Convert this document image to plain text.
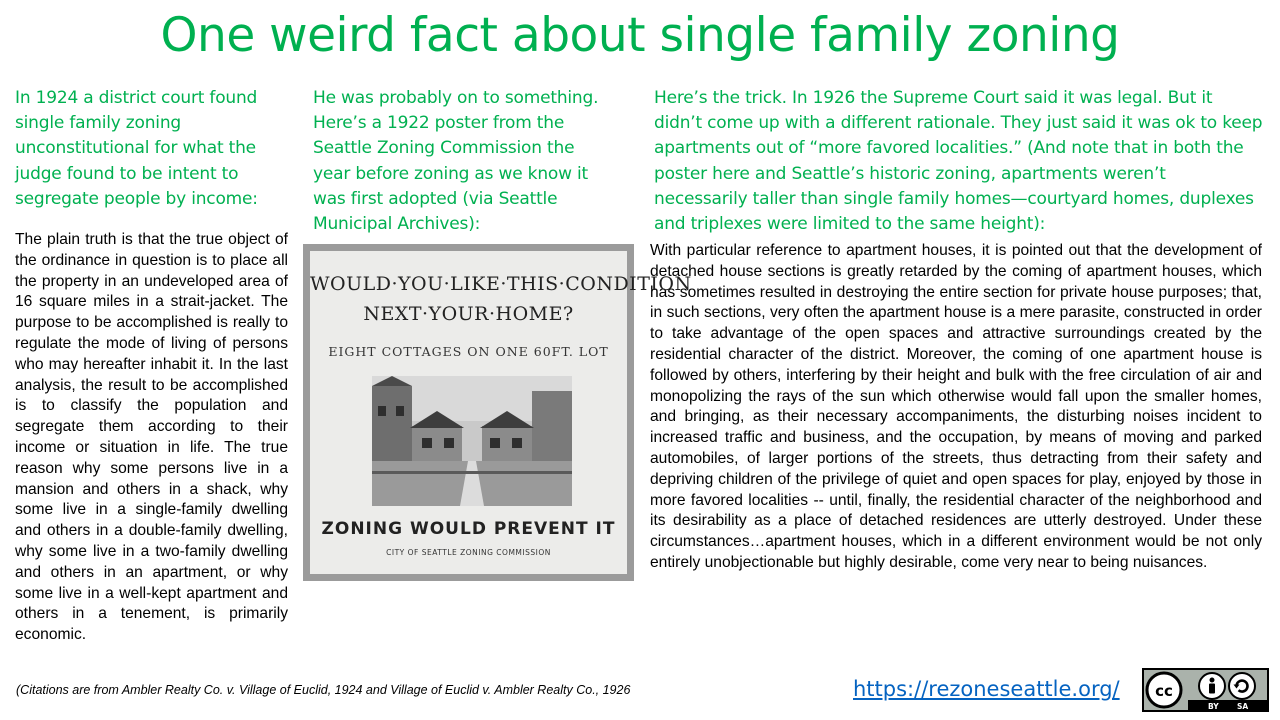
One weird fact about single family zoning
In 1924 a district court found single family zoning unconstitutional for what the judge found to be intent to segregate people by income:
He was probably on to something. Here’s a 1922 poster from the Seattle Zoning Commission the year before zoning as we know it was first adopted (via Seattle Municipal Archives):
Here’s the trick. In 1926 the Supreme Court said it was legal. But it didn’t come up with a different rationale. They just said it was ok to keep apartments out of “more favored localities.” (And note that in both the poster here and Seattle’s historic zoning, apartments weren’t necessarily taller than single family homes—courtyard homes, duplexes and triplexes were limited to the same height):
The plain truth is that the true object of the ordinance in question is to place all the property in an undeveloped area of 16 square miles in a strait-jacket. The purpose to be accomplished is really to regulate the mode of living of persons who may hereafter inhabit it. In the last analysis, the result to be accomplished is to classify the population and segregate them according to their income or situation in life. The true reason why some persons live in a mansion and others in a shack, why some live in a single-family dwelling and others in a double-family dwelling, why some live in a two-family dwelling and others in an apartment, or why some live in a well-kept apartment and others in a tenement, is primarily economic.
With particular reference to apartment houses, it is pointed out that the development of detached house sections is greatly retarded by the coming of apartment houses, which has sometimes resulted in destroying the entire section for private house purposes; that, in such sections, very often the apartment house is a mere parasite, constructed in order to take advantage of the open spaces and attractive surroundings created by the residential character of the district. Moreover, the coming of one apartment house is followed by others, interfering by their height and bulk with the free circulation of air and monopolizing the rays of the sun which otherwise would fall upon the smaller homes, and bringing, as their necessary accompaniments, the disturbing noises incident to increased traffic and business, and the occupation, by means of moving and parked automobiles, of larger portions of the streets, thus detracting from their safety and depriving children of the privilege of quiet and open spaces for play, enjoyed by those in more favored localities -- until, finally, the residential character of the neighborhood and its desirability as a place of detached residences are utterly destroyed. Under these circumstances…apartment houses, which in a different environment would be not only entirely unobjectionable but highly desirable, come very near to being nuisances.
WOULD·YOU·LIKE·THIS·CONDITION
NEXT·YOUR·HOME?
EIGHT COTTAGES ON ONE 60FT. LOT
ZONING WOULD PREVENT IT
CITY OF SEATTLE ZONING COMMISSION
(Citations are from Ambler Realty Co. v. Village of Euclid, 1924 and Village of Euclid v. Ambler Realty Co., 1926	https://rezoneseattle.org/ cc
BY SA
